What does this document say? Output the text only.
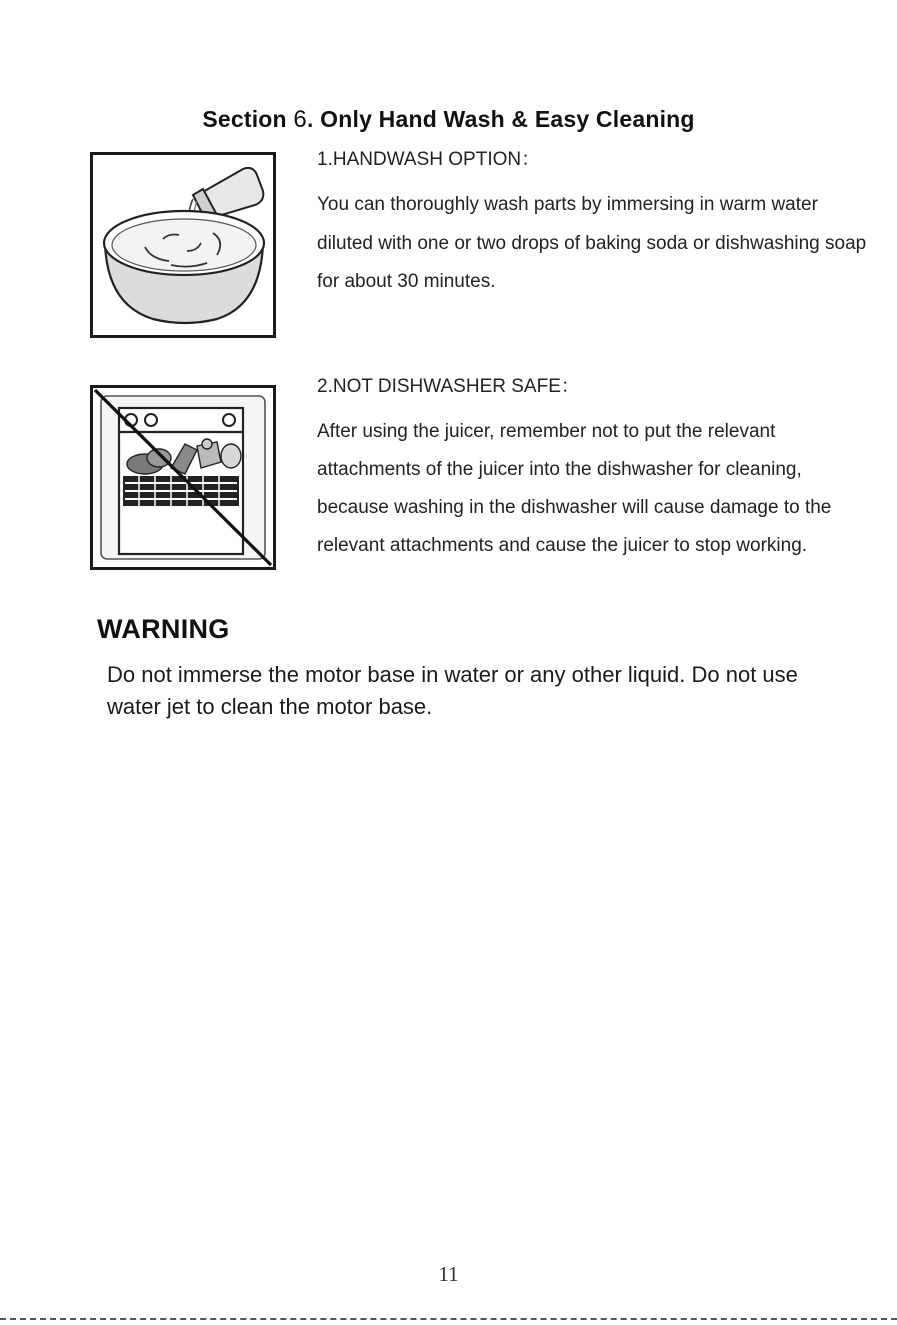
Section 6. Only Hand Wash & Easy Cleaning
1.HANDWASH OPTION：
You can thoroughly wash parts by immersing in warm water diluted with one or two drops of baking soda or dishwashing soap for about 30 minutes.
2.NOT DISHWASHER SAFE：
After using the juicer, remember not to put the relevant attachments of the juicer into the dishwasher for cleaning, because washing in the dishwasher will cause damage to the relevant attachments and cause the juicer to stop working.
WARNING
Do not immerse the motor base in water or any other liquid. Do not use water jet to clean the motor base.
11
